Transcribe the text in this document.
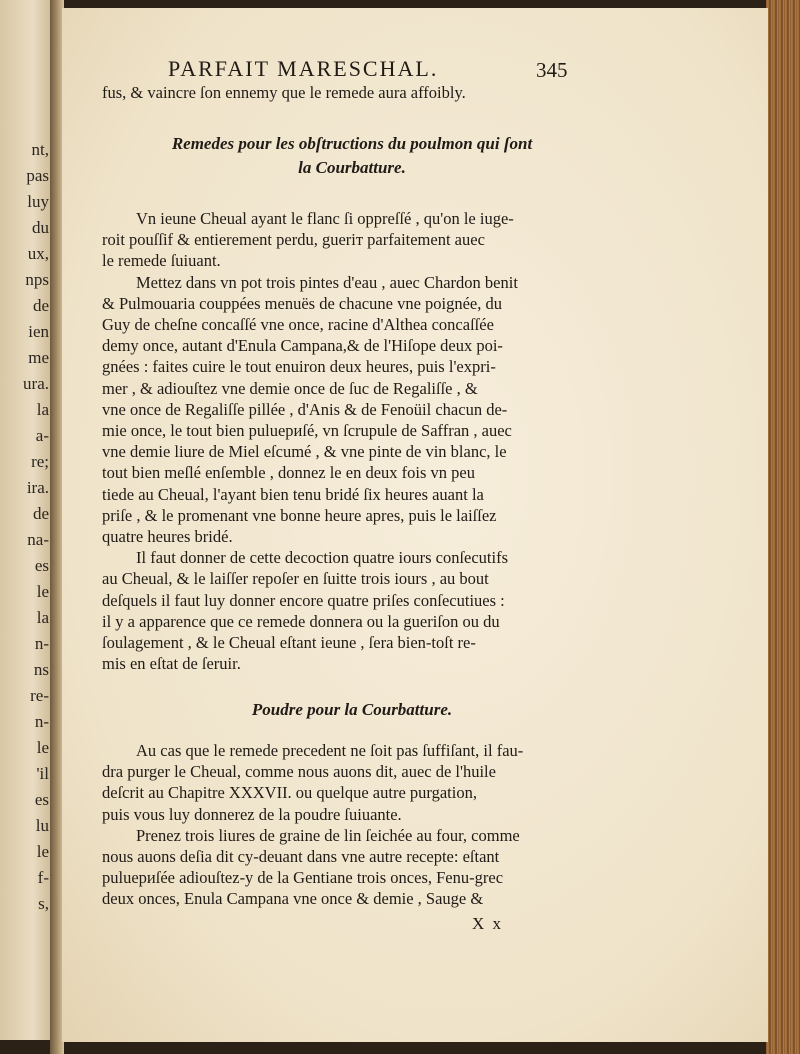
nt,
pas
luy
du
ux,
nps
de
ien
me
ura.
la
a-
re;
ira.
de
na-
es
le
la
n-
ns
re-
n-
le
'il
es
lu
le
f-
s,
PARFAIT MARESCHAL.	345
fus, & vaincre ſon ennemy que le remede aura affoibly.
Remedes pour les obſtructions du poulmon qui ſont
la Courbatture.
Vn ieune Cheual ayant le flanc ſi oppreſſé , qu'on le iuge-
roit pouſſif & entierement perdu, gueriт parfaitement auec
le remede ſuiuant.
Mettez dans vn pot trois pintes d'eau , auec Chardon benit
& Pulmouaria couppées menuës de chacune vne poignée, du
Guy de cheſne concaſſé vne once, racine d'Althea concaſſée
demy once, autant d'Enula Campana,& de l'Hiſope deux poi-
gnées : faites cuire le tout enuiron deux heures, puis l'expri-
mer , & adiouſtez vne demie once de ſuc de Regaliſſe , &
vne once de Regaliſſe pillée , d'Anis & de Fenoüil chacun de-
mie once, le tout bien puluериſé, vn ſcrupule de Saffran , auec
vne demie liure de Miel eſcumé , & vne pinte de vin blanc, le
tout bien meſlé enſemble , donnez le en deux fois vn peu
tiede au Cheual, l'ayant bien tenu bridé ſix heures auant la
priſe , & le promenant vne bonne heure apres, puis le laiſſez
quatre heures bridé.
Il faut donner de cette decoction quatre iours conſecutifs
au Cheual, & le laiſſer repoſer en ſuitte trois iours , au bout
deſquels il faut luy donner encore quatre priſes conſecutiues :
il y a apparence que ce remede donnera ou la gueriſon ou du
ſoulagement , & le Cheual eſtant ieune , ſera bien-toſt re-
mis en eſtat de ſeruir.
Poudre pour la Courbatture.
Au cas que le remede precedent ne ſoit pas ſuffiſant, il fau-
dra purger le Cheual, comme nous auons dit, auec de l'huile
deſcrit au Chapitre XXXVII. ou quelque autre purgation,
puis vous luy donnerez de la poudre ſuiuante.
Prenez trois liures de graine de lin ſeichée au four, comme
nous auons deſia dit cy-deuant dans vne autre recepte: eſtant
puluериſée adiouſtez-y de la Gentiane trois onces, Fenu-grec
deux onces, Enula Campana vne once & demie , Sauge &
X x
